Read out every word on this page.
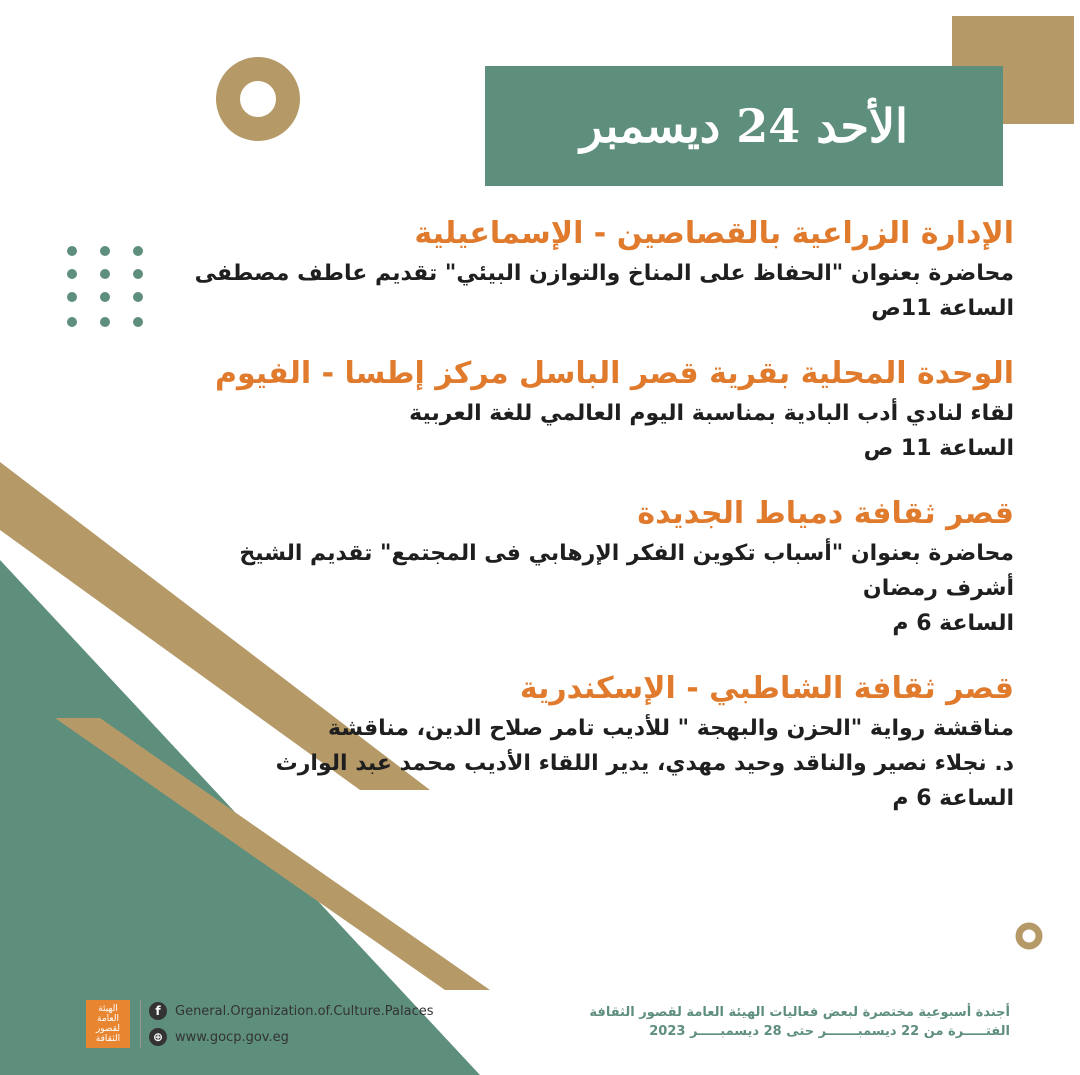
الأحد 24 ديسمبر
الإدارة الزراعية بالقصاصين - الإسماعيلية
محاضرة بعنوان "الحفاظ على المناخ والتوازن البيئي" تقديم عاطف مصطفى
الساعة 11ص
الوحدة المحلية بقرية قصر الباسل مركز إطسا - الفيوم
لقاء لنادي أدب البادية بمناسبة اليوم العالمي للغة العربية
الساعة 11 ص
قصر ثقافة دمياط الجديدة
محاضرة بعنوان "أسباب تكوين الفكر الإرهابي فى المجتمع" تقديم الشيخ
أشرف رمضان
الساعة 6 م
قصر ثقافة الشاطبي - الإسكندرية
مناقشة رواية "الحزن والبهجة " للأديب تامر صلاح الدين، مناقشة
د. نجلاء نصير والناقد وحيد مهدي، يدير اللقاء الأديب محمد عبد الوارث
الساعة 6 م
الهيئة العامة لقصور الثقافة
f	General.Organization.of.Culture.Palaces
⊕ www.gocp.gov.eg
أجندة أسبوعية مختصرة لبعض فعاليات الهيئة العامة لقصور الثقافة
الفتـــــرة من 22 ديسمبـــــــر حتى 28 ديسمبـــــر 2023
